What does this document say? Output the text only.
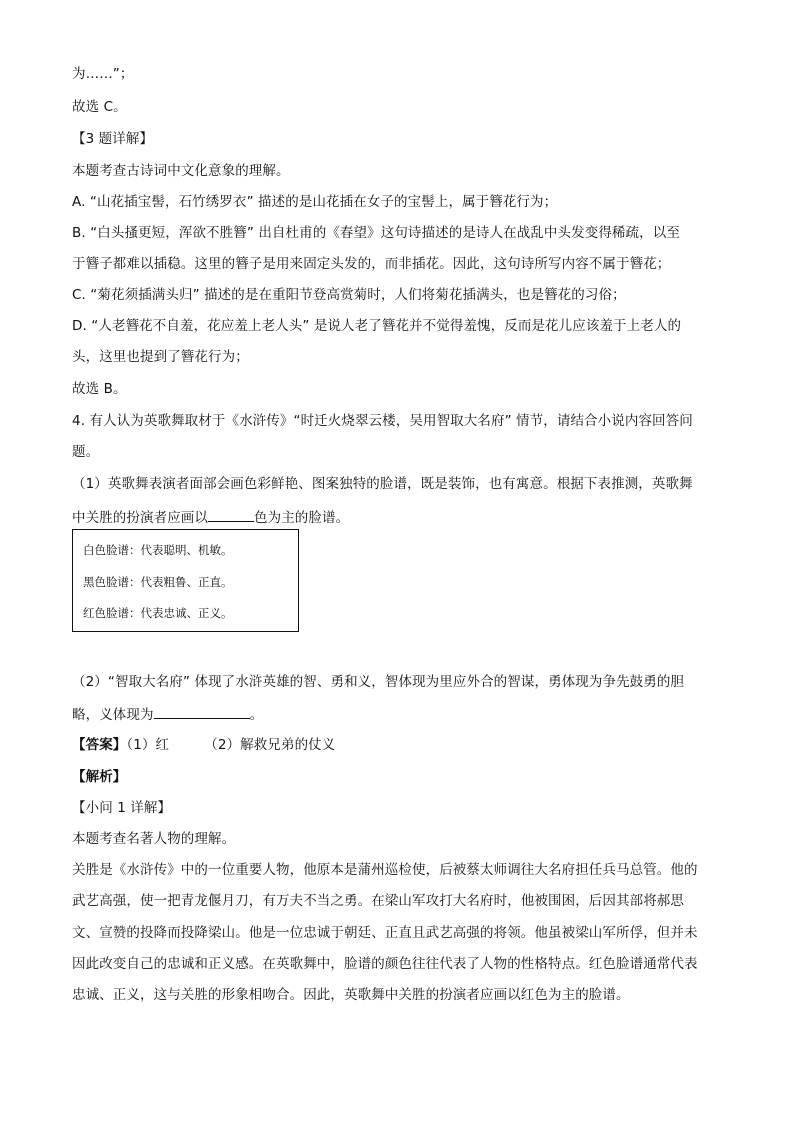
为……”；
故选 C。
【3 题详解】
本题考查古诗词中文化意象的理解。
A. “山花插宝髻，石竹绣罗衣” 描述的是山花插在女子的宝髻上，属于簪花行为；
B. “白头搔更短，浑欲不胜簪” 出自杜甫的《春望》这句诗描述的是诗人在战乱中头发变得稀疏，以至
于簪子都难以插稳。这里的簪子是用来固定头发的，而非插花。因此，这句诗所写内容不属于簪花；
C. “菊花须插满头归” 描述的是在重阳节登高赏菊时，人们将菊花插满头，也是簪花的习俗；
D. “人老簪花不自羞，花应羞上老人头” 是说人老了簪花并不觉得羞愧，反而是花儿应该羞于上老人的
头，这里也提到了簪花行为；
故选 B。
4. 有人认为英歌舞取材于《水浒传》“时迁火烧翠云楼，吴用智取大名府” 情节，请结合小说内容回答问
题。
（1）英歌舞表演者面部会画色彩鲜艳、图案独特的脸谱，既是装饰，也有寓意。根据下表推测，英歌舞
中关胜的扮演者应画以	色为主的脸谱。
白色脸谱：代表聪明、机敏。
黑色脸谱：代表粗鲁、正直。
红色脸谱：代表忠诚、正义。
（2）“智取大名府” 体现了水浒英雄的智、勇和义，智体现为里应外合的智谋，勇体现为争先鼓勇的胆
略，义体现为	。
【答案】（1）红        （2）解救兄弟的仗义
【解析】
【小问 1 详解】
本题考查名著人物的理解。
关胜是《水浒传》中的一位重要人物，他原本是蒲州巡检使，后被蔡太师调往大名府担任兵马总管。他的
武艺高强，使一把青龙偃月刀，有万夫不当之勇。在梁山军攻打大名府时，他被围困，后因其部将郝思
文、宣赞的投降而投降梁山。他是一位忠诚于朝廷、正直且武艺高强的将领。他虽被梁山军所俘，但并未
因此改变自己的忠诚和正义感。在英歌舞中，脸谱的颜色往往代表了人物的性格特点。红色脸谱通常代表
忠诚、正义，这与关胜的形象相吻合。因此，英歌舞中关胜的扮演者应画以红色为主的脸谱。
